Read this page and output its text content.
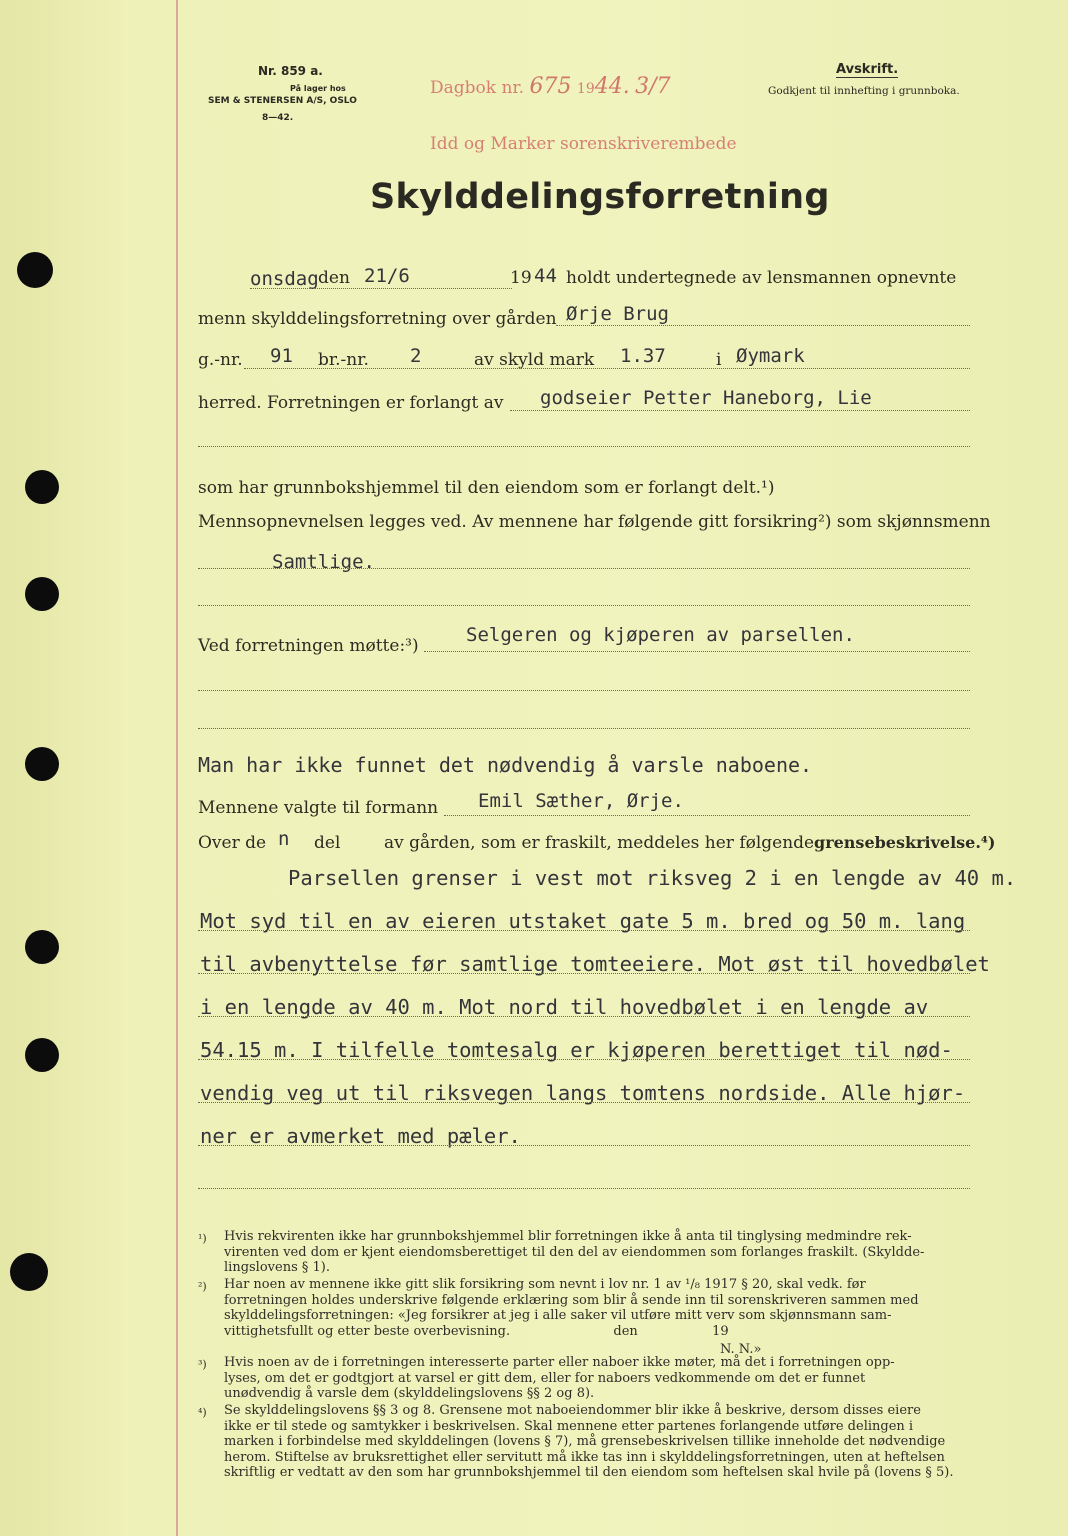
Nr. 859 a.
På lager hos
SEM & STENERSEN A/S, OSLO
8—42.
Avskrift.
Godkjent til innhefting i grunnboka.
Dagbok nr. 675 1944. 3/7
Idd og Marker sorenskriverembede
Skylddelingsforretning
onsdag den 21/6	19 44 holdt undertegnede av lensmannen opnevnte
menn skylddelingsforretning over gården Ørje Brug
g.-nr. 91 br.-nr. 2	av skyld mark 1.37	i Øymark
herred. Forretningen er forlangt av godseier Petter Haneborg, Lie
som har grunnbokshjemmel til den eiendom som er forlangt delt.¹)
Mennsopnevnelsen legges ved. Av mennene har følgende gitt forsikring²) som skjønnsmenn
Samtlige.
Ved forretningen møtte:³) Selgeren og kjøperen av parsellen.
Man har ikke funnet det nødvendig å varsle naboene.
Mennene valgte til formann Emil Sæther, Ørje.
Over de n del	av gården, som er fraskilt, meddeles her følgende grensebeskrivelse.⁴)
Parsellen grenser i vest mot riksveg 2 i en lengde av 40 m.
Mot syd til en av eieren utstaket gate 5 m. bred og 50 m. lang
til avbenyttelse før samtlige tomteeiere. Mot øst til hovedbølet
i en lengde av 40 m. Mot nord til hovedbølet i en lengde av
54.15 m. I tilfelle tomtesalg er kjøperen berettiget til nød-
vendig veg ut til riksvegen langs tomtens nordside. Alle hjør-
ner er avmerket med pæler.
¹) Hvis rekvirenten ikke har grunnbokshjemmel blir forretningen ikke å anta til tinglysing medmindre rek-
virenten ved dom er kjent eiendomsberettiget til den del av eiendommen som forlanges fraskilt. (Skyldde-
lingslovens § 1).
²) Har noen av mennene ikke gitt slik forsikring som nevnt i lov nr. 1 av ¹/₈ 1917 § 20, skal vedk. før
forretningen holdes underskrive følgende erklæring som blir å sende inn til sorenskriveren sammen med
skylddelingsforretningen: «Jeg forsikrer at jeg i alle saker vil utføre mitt verv som skjønnsmann sam-
vittighetsfullt og etter beste overbevisning.                         den                  19
N. N.»
³) Hvis noen av de i forretningen interesserte parter eller naboer ikke møter, må det i forretningen opp-
lyses, om det er godtgjort at varsel er gitt dem, eller for naboers vedkommende om det er funnet
unødvendig å varsle dem (skylddelingslovens §§ 2 og 8).
⁴) Se skylddelingslovens §§ 3 og 8. Grensene mot naboeiendommer blir ikke å beskrive, dersom disses eiere
ikke er til stede og samtykker i beskrivelsen. Skal mennene etter partenes forlangende utføre delingen i
marken i forbindelse med skylddelingen (lovens § 7), må grensebeskrivelsen tillike inneholde det nødvendige
herom. Stiftelse av bruksrettighet eller servitutt må ikke tas inn i skylddelingsforretningen, uten at heftelsen
skriftlig er vedtatt av den som har grunnbokshjemmel til den eiendom som heftelsen skal hvile på (lovens § 5).
